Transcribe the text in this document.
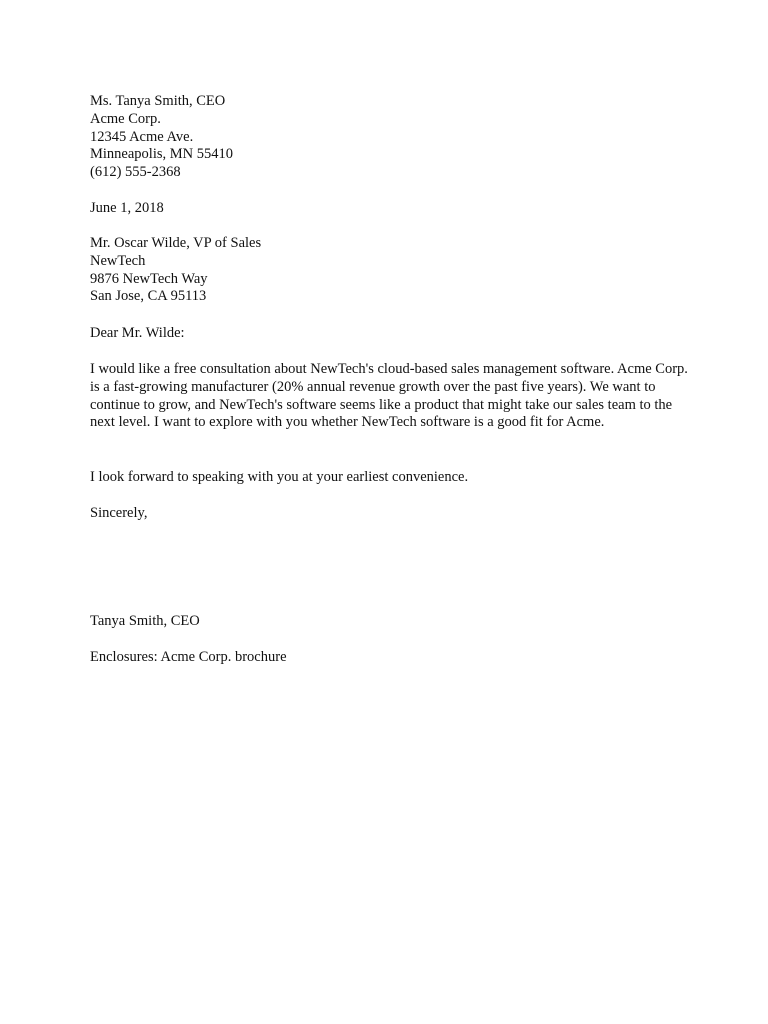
Ms. Tanya Smith, CEO
Acme Corp.
12345 Acme Ave.
Minneapolis, MN 55410
(612) 555-2368
June 1, 2018
Mr. Oscar Wilde, VP of Sales
NewTech
9876 NewTech Way
San Jose, CA 95113
Dear Mr. Wilde:
I would like a free consultation about NewTech's cloud-based sales management software. Acme Corp. is a fast-growing manufacturer (20% annual revenue growth over the past five years). We want to continue to grow, and NewTech's software seems like a product that might take our sales team to the next level. I want to explore with you whether NewTech software is a good fit for Acme.
I look forward to speaking with you at your earliest convenience.
Sincerely,
Tanya Smith, CEO
Enclosures: Acme Corp. brochure
